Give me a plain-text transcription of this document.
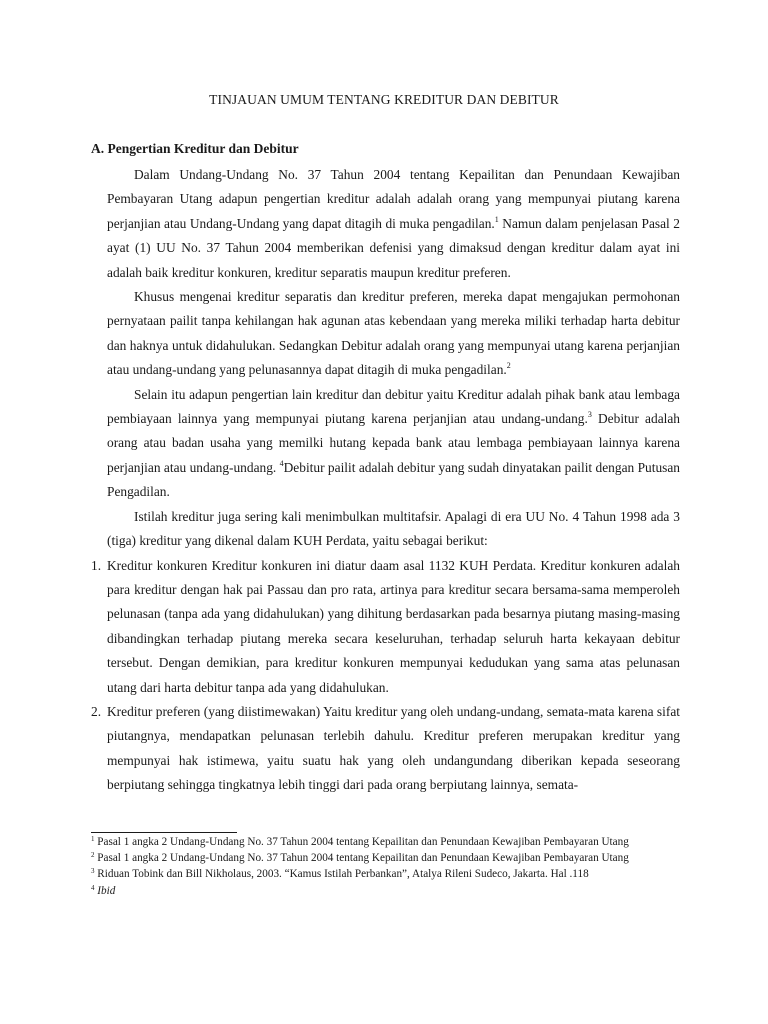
TINJAUAN UMUM TENTANG KREDITUR DAN DEBITUR
A. Pengertian Kreditur dan Debitur

Dalam Undang-Undang No. 37 Tahun 2004 tentang Kepailitan dan Penundaan Kewajiban Pembayaran Utang adapun pengertian kreditur adalah adalah orang yang mempunyai piutang karena perjanjian atau Undang-Undang yang dapat ditagih di muka pengadilan.$^1$ Namun dalam penjelasan Pasal 2 ayat (1) UU No. 37 Tahun 2004 memberikan defenisi yang dimaksud dengan kreditur dalam ayat ini adalah baik kreditur konkuren, kreditur separatis maupun kreditur preferen.

Khusus mengenai kreditur separatis dan kreditur preferen, mereka dapat mengajukan permohonan pernyataan pailit tanpa kehilangan hak agunan atas kebendaan yang mereka miliki terhadap harta debitur dan haknya untuk didahulukan. Sedangkan Debitur adalah orang yang mempunyai utang karena perjanjian atau undang-undang yang pelunasannya dapat ditagih di muka pengadilan.$^2$

Selain itu adapun pengertian lain kreditur dan debitur yaitu Kreditur adalah pihak bank atau lembaga pembiayaan lainnya yang mempunyai piutang karena perjanjian atau undang-undang.$^3$ Debitur adalah orang atau badan usaha yang memilki hutang kepada bank atau lembaga pembiayaan lainnya karena perjanjian atau undang-undang. $^4$Debitur pailit adalah debitur yang sudah dinyatakan pailit dengan Putusan Pengadilan.

Istilah kreditur juga sering kali menimbulkan multitafsir. Apalagi di era UU No. 4 Tahun 1998 ada 3 (tiga) kreditur yang dikenal dalam KUH Perdata, yaitu sebagai berikut:

1. Kreditur konkuren Kreditur konkuren ini diatur daam asal 1132 KUH Perdata. Kreditur konkuren adalah para kreditur dengan hak pai Passau dan pro rata, artinya para kreditur secara bersama-sama memperoleh pelunasan (tanpa ada yang didahulukan) yang dihitung berdasarkan pada besarnya piutang masing-masing dibandingkan terhadap piutang mereka secara keseluruhan, terhadap seluruh harta kekayaan debitur tersebut. Dengan demikian, para kreditur konkuren mempunyai kedudukan yang sama atas pelunasan utang dari harta debitur tanpa ada yang didahulukan.
2. Kreditur preferen (yang diistimewakan) Yaitu kreditur yang oleh undang-undang, semata-mata karena sifat piutangnya, mendapatkan pelunasan terlebih dahulu. Kreditur preferen merupakan kreditur yang mempunyai hak istimewa, yaitu suatu hak yang oleh undangundang diberikan kepada seseorang berpiutang sehingga tingkatnya lebih tinggi dari pada orang berpiutang lainnya, semata-
$^1$ Pasal 1 angka 2 Undang-Undang No. 37 Tahun 2004 tentang Kepailitan dan Penundaan Kewajiban Pembayaran Utang
$^2$ Pasal 1 angka 2 Undang-Undang No. 37 Tahun 2004 tentang Kepailitan dan Penundaan Kewajiban Pembayaran Utang
$^3$ Riduan Tobink dan Bill Nikholaus, 2003. “Kamus Istilah Perbankan”, Atalya Rileni Sudeco, Jakarta. Hal .118
$^4$ Ibid
